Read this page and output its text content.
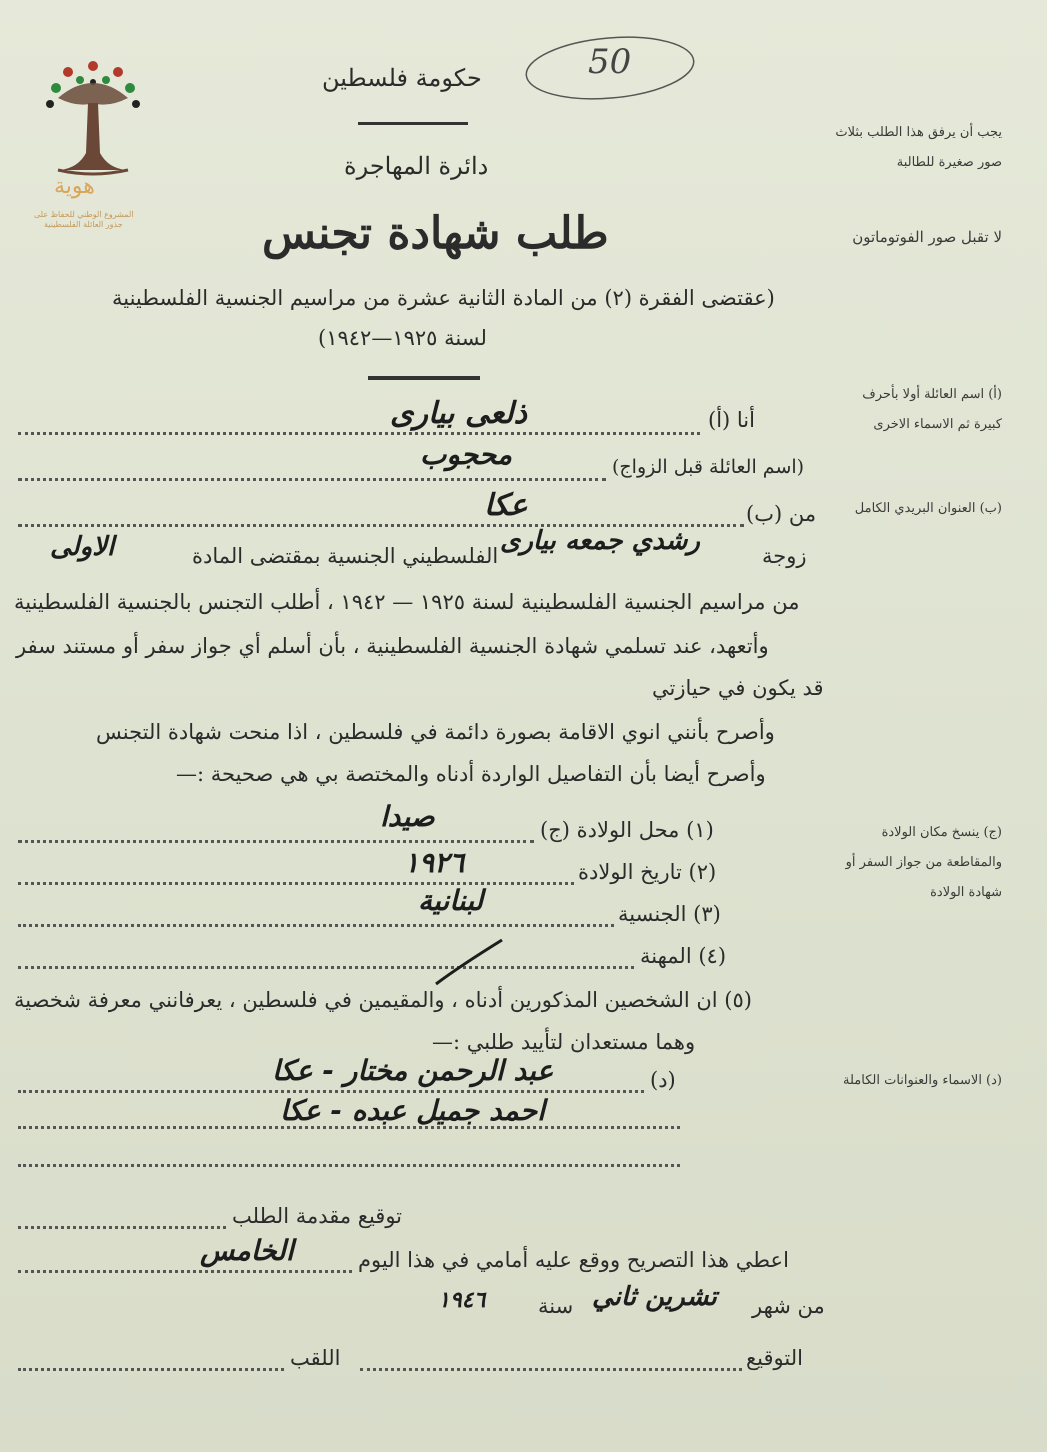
هوية
المشروع الوطني للحفاظ على
جذور العائلة الفلسطينية
50
حكومة فلسطين
دائرة المهاجرة
طلب شهادة تجنس
(عقتضى الفقرة (٢) من المادة الثانية عشرة من مراسيم الجنسية الفلسطينية
لسنة ١٩٢٥—١٩٤٢)
يجب أن يرفق هذا الطلب بثلاث صور صغيرة للطالبة
لا تقبل صور الفوتوماتون
(أ) اسم العائلة أولا بأحرف كبيرة ثم الاسماء الاخرى
(ب) العنوان البريدي الكامل
(ج) ينسخ مكان الولادة والمقاطعة من جواز السفر أو شهادة الولادة
(د) الاسماء والعنوانات الكاملة
أنا (أ)
ذلعى بيارى
(اسم العائلة قبل الزواج)
محجوب
من (ب)
عكا
زوجة
رشدي جمعه بيارى
الفلسطيني الجنسية بمقتضى المادة
الاولى
من مراسيم الجنسية الفلسطينية لسنة ١٩٢٥ — ١٩٤٢ ، أطلب التجنس بالجنسية الفلسطينية
وأتعهد، عند تسلمي شهادة الجنسية الفلسطينية ، بأن أسلم أي جواز سفر أو مستند سفر
قد يكون في حيازتي
وأصرح بأنني انوي الاقامة بصورة دائمة في فلسطين ، اذا منحت شهادة التجنس
وأصرح أيضا بأن التفاصيل الواردة أدناه والمختصة بي هي صحيحة :—
(١) محل الولادة (ج)
صيدا
(٢) تاريخ الولادة
١٩٢٦
(٣) الجنسية
لبنانية
(٤) المهنة
(٥) ان الشخصين المذكورين أدناه ، والمقيمين في فلسطين ، يعرفانني معرفة شخصية
وهما مستعدان لتأييد طلبي :—
(د)
عبد الرحمن مختار - عكا
احمد جميل عبده - عكا
توقيع مقدمة الطلب
اعطي هذا التصريح ووقع عليه أمامي في هذا اليوم
الخامس
من شهر
تشرين ثاني
سنة
١٩٤٦
التوقيع
اللقب
